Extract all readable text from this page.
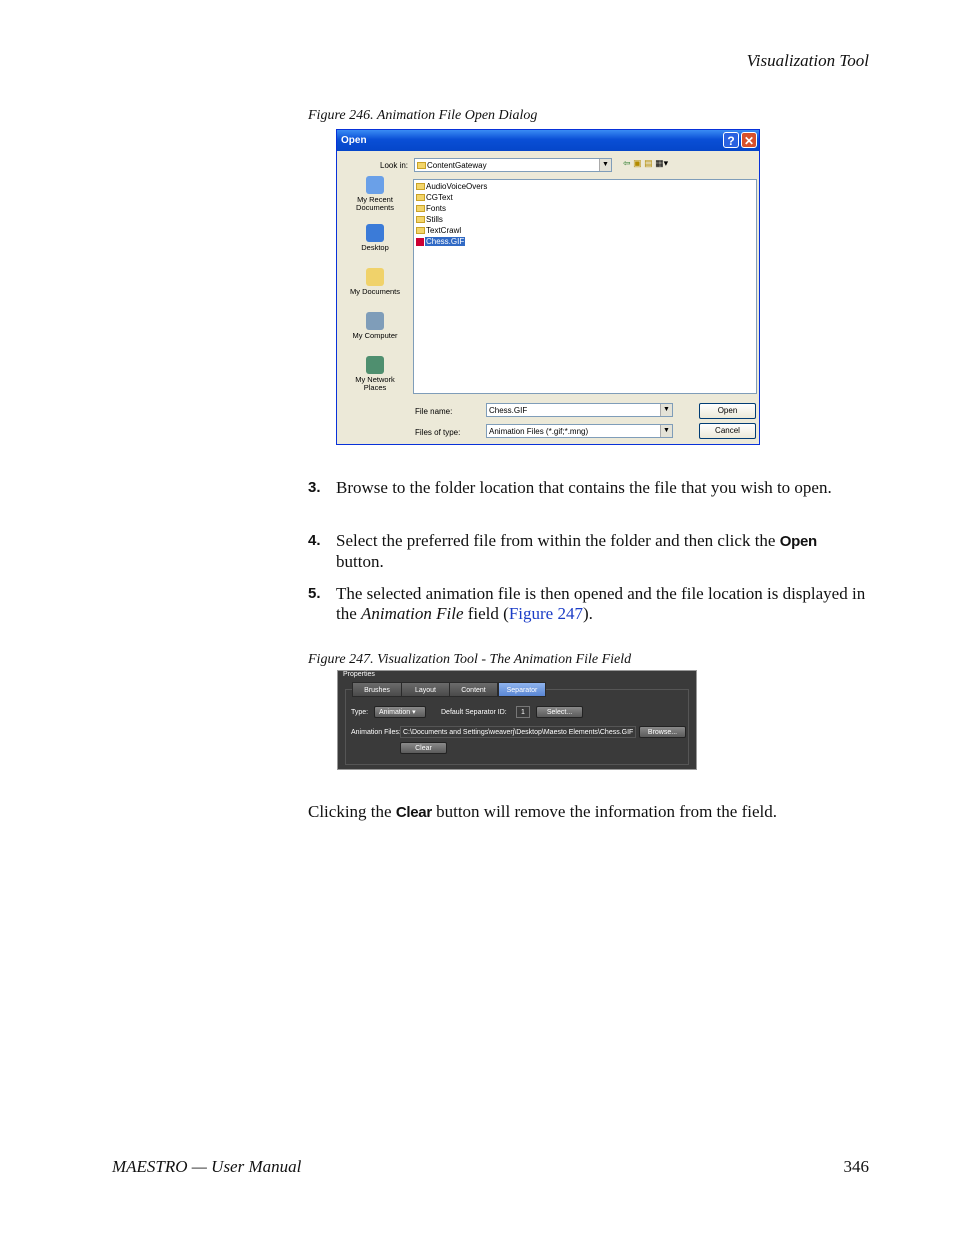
Visualization Tool
Figure 246. Animation File Open Dialog
Open	? ✕
Look in:	ContentGateway	▼ ⇦ ▣ ▤ ▦▾
My Recent Documents
Desktop
My Documents
My Computer
My Network Places
AudioVoiceOvers
CGText
Fonts
Stills
TextCrawl
Chess.GIF
File name:	Chess.GIF	▼	Open
Files of type:	Animation Files (*.gif;*.mng)	▼	Cancel
3. Browse to the folder location that contains the file that you wish to open.
4. Select the preferred file from within the folder and then click the Open button.
5. The selected animation file is then opened and the file location is displayed in the Animation File field (Figure 247).
Figure 247. Visualization Tool - The Animation File Field
Properties
Brushes	Layout	Content	Separator
Type:	Animation ▾	Default Separator ID:	1	Select...
Animation Files: C:\Documents and Settings\weaverj\Desktop\Maesto Elements\Chess.GIF	Browse...
Clear
Clicking the Clear button will remove the information from the field.
MAESTRO — User Manual	346
